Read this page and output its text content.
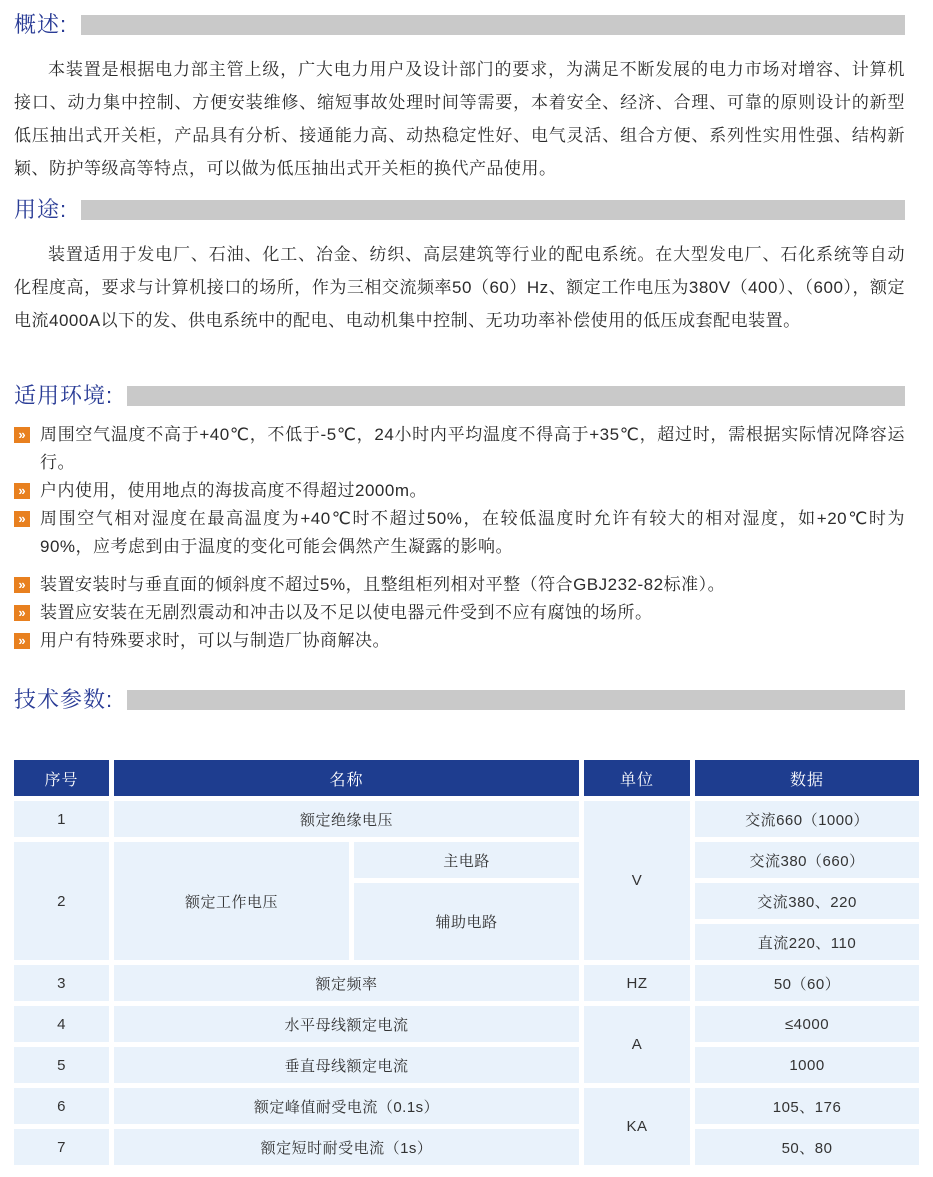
概述:

本装置是根据电力部主管上级，广大电力用户及设计部门的要求，为满足不断发展的电力市场对增容、计算机接口、动力集中控制、方便安装维修、缩短事故处理时间等需要，本着安全、经济、合理、可靠的原则设计的新型低压抽出式开关柜，产品具有分析、接通能力高、动热稳定性好、电气灵活、组合方便、系列性实用性强、结构新颖、防护等级高等特点，可以做为低压抽出式开关柜的换代产品使用。

用途:

装置适用于发电厂、石油、化工、冶金、纺织、高层建筑等行业的配电系统。在大型发电厂、石化系统等自动化程度高，要求与计算机接口的场所，作为三相交流频率50（60）Hz、额定工作电压为380V（400）、（600），额定电流4000A以下的发、供电系统中的配电、电动机集中控制、无功功率补偿使用的低压成套配电装置。

适用环境:
» 周围空气温度不高于+40℃，不低于-5℃，24小时内平均温度不得高于+35℃，超过时，需根据实际情况降容运行。
» 户内使用，使用地点的海拔高度不得超过2000m。
» 周围空气相对湿度在最高温度为+40℃时不超过50%，在较低温度时允许有较大的相对湿度，如+20℃时为90%，应考虑到由于温度的变化可能会偶然产生凝露的影响。
» 装置安装时与垂直面的倾斜度不超过5%，且整组柜列相对平整（符合GBJ232-82标准）。
» 装置应安装在无剧烈震动和冲击以及不足以使电器元件受到不应有腐蚀的场所。
» 用户有特殊要求时，可以与制造厂协商解决。
技术参数:
序号	名称		单位	数据
1	额定绝缘电压		V	交流660（1000）
2	额定工作电压	主电路		交流380（660）
		辅助电路		交流380、220
				直流220、110
3	额定频率		HZ	50（60）
4	水平母线额定电流		A	≤4000
5	垂直母线额定电流			1000
6	额定峰值耐受电流（0.1s）		KA	105、176
7	额定短时耐受电流（1s）			50、80
